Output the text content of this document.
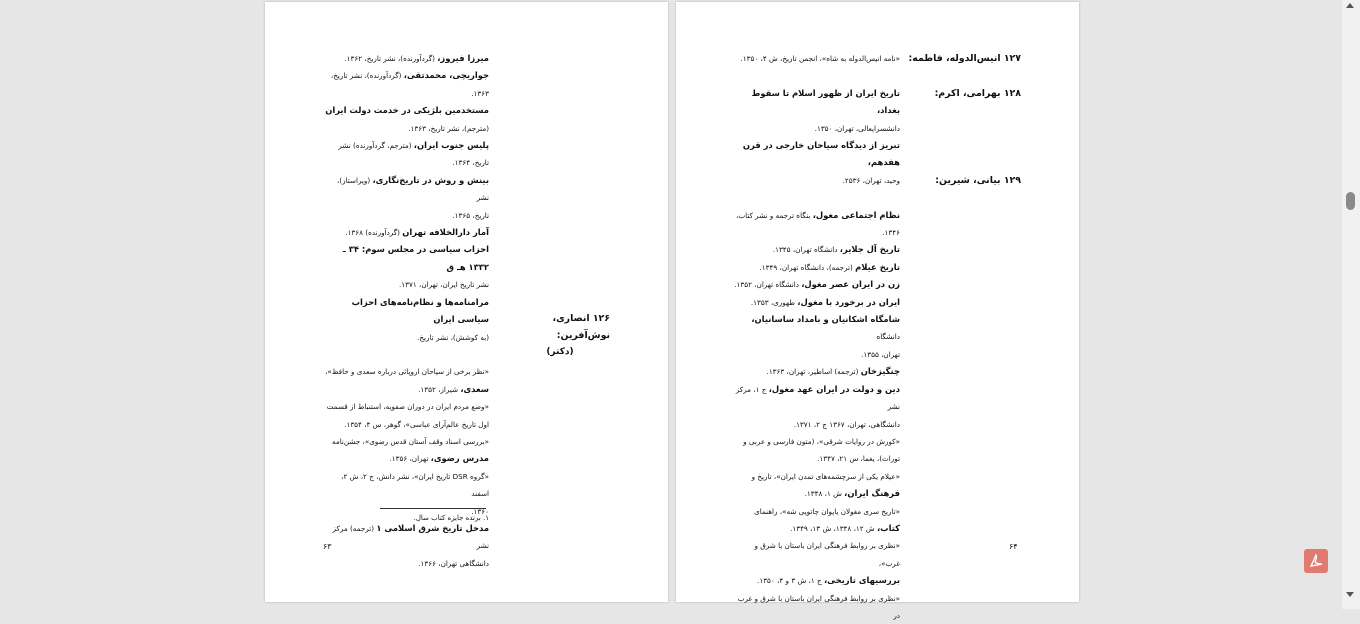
میرزا فیروز، (گردآورنده)، نشر تاریخ، ۱۳۶۲.
جواریچی، محمدتقی، (گردآورنده)، نشر تاریخ،
۱۳۶۳.
مستخدمین بلژیکی در خدمت دولت ایران
(مترجم)، نشر تاریخ، ۱۳۶۳.
پلیس جنوب ایران، (مترجم، گردآورنده) نشر
تاریخ، ۱۳۶۴.
بینش و روش در تاریخ‌نگاری، (ویراستار)، نشر
تاریخ، ۱۳۶۵.
آمار دارالخلافه تهران (گردآورنده) ۱۳۶۸.
احزاب سیاسی در مجلس سوم: ۳۴ ـ ۱۳۳۲ هـ ق
نشر تاریخ ایران، تهران، ۱۳۷۱.
مرامنامه‌ها و نظام‌نامه‌های احزاب سیاسی ایران
(به کوشش)، نشر تاریخ.
«نظر برخی از سیاحان اروپائی درباره سعدی و حافظ»،
سعدی، شیراز، ۱۳۵۲.
«وضع مردم ایران در دوران صفویه، استنباط از قسمت
اول تاریخ عالم‌آرای عباسی»، گوهر، س ۴، ۱۳۵۴.
«بررسی اسناد وقف آستان قدس رضوی»، جشن‌نامه
مدرس رضوی، تهران، ۱۳۵۶.
«گروه DSR تاریخ ایران»، نشر دانش، ج ۲، ش ۲، اسفند
۱۳۶۰.
مدخل تاریخ شرق اسلامی ۱ (ترجمه) مرکز نشر
دانشگاهی تهران، ۱۳۶۶.
۱۲۶ انصاری، نوش‌آفرین:
(دکتر)
۱. برنده جایزه کتاب سال.
۶۳
«نامه انیس‌الدوله به شاه»، انجمن تاریخ، ش ۴، ۱۳۵۰.
تاریخ ایران از ظهور اسلام تا سقوط بغداد،
دانشسرایعالی، تهران، ۱۳۵۰.
تبریز از دیدگاه سیاحان خارجی در قرن هفدهم،
وحید، تهران، ۲۵۳۶.
نظام اجتماعی مغول، بنگاه ترجمه و نشر کتاب،
۱۳۴۶.
تاریخ آل جلایر، دانشگاه تهران، ۱۳۴۵.
تاریخ عیلام (ترجمه)، دانشگاه تهران، ۱۳۴۹.
زن در ایران عصر مغول، دانشگاه تهران، ۱۳۵۲.
ایران در برخورد با مغول، طهوری، ۱۳۵۳.
شامگاه اشکانیان و بامداد ساسانیان، دانشگاه
تهران، ۱۳۵۵.
چنگیزخان (ترجمه) اساطیر، تهران، ۱۳۶۳.
دین و دولت در ایران عهد مغول، ج ۱، مرکز نشر
دانشگاهی، تهران، ۱۳۶۷ ج ۲، ۱۳۷۱.
«کورش در روایات شرقی»، (متون فارسی و عربی و
تورات)، یغما، س ۲۱، ۱۳۴۷.
«عیلام یکی از سرچشمه‌های تمدن ایران»، تاریخ و
فرهنگ ایران، ش ۱، ۱۳۴۸.
«تاریخ سری مغولان یاپوان چاتویی شه»، راهنمای
کتاب، ش ۱۲، ۱۳۴۸، ش ۱۳، ۱۳۴۹.
«نظری بر روابط فرهنگی ایران باستان با شرق و غرب»،
بررسیهای تاریخی، ج ۱، ش ۳ و ۴، ۱۳۵۰.
«نظری بر روابط فرهنگی ایران باستان با شرق و غرب در
۱۲۷ انیس‌الدوله، فاطمه:
۱۲۸ بهرامی، اکرم:
۱۲۹ بیانی، شیرین:
۶۴
